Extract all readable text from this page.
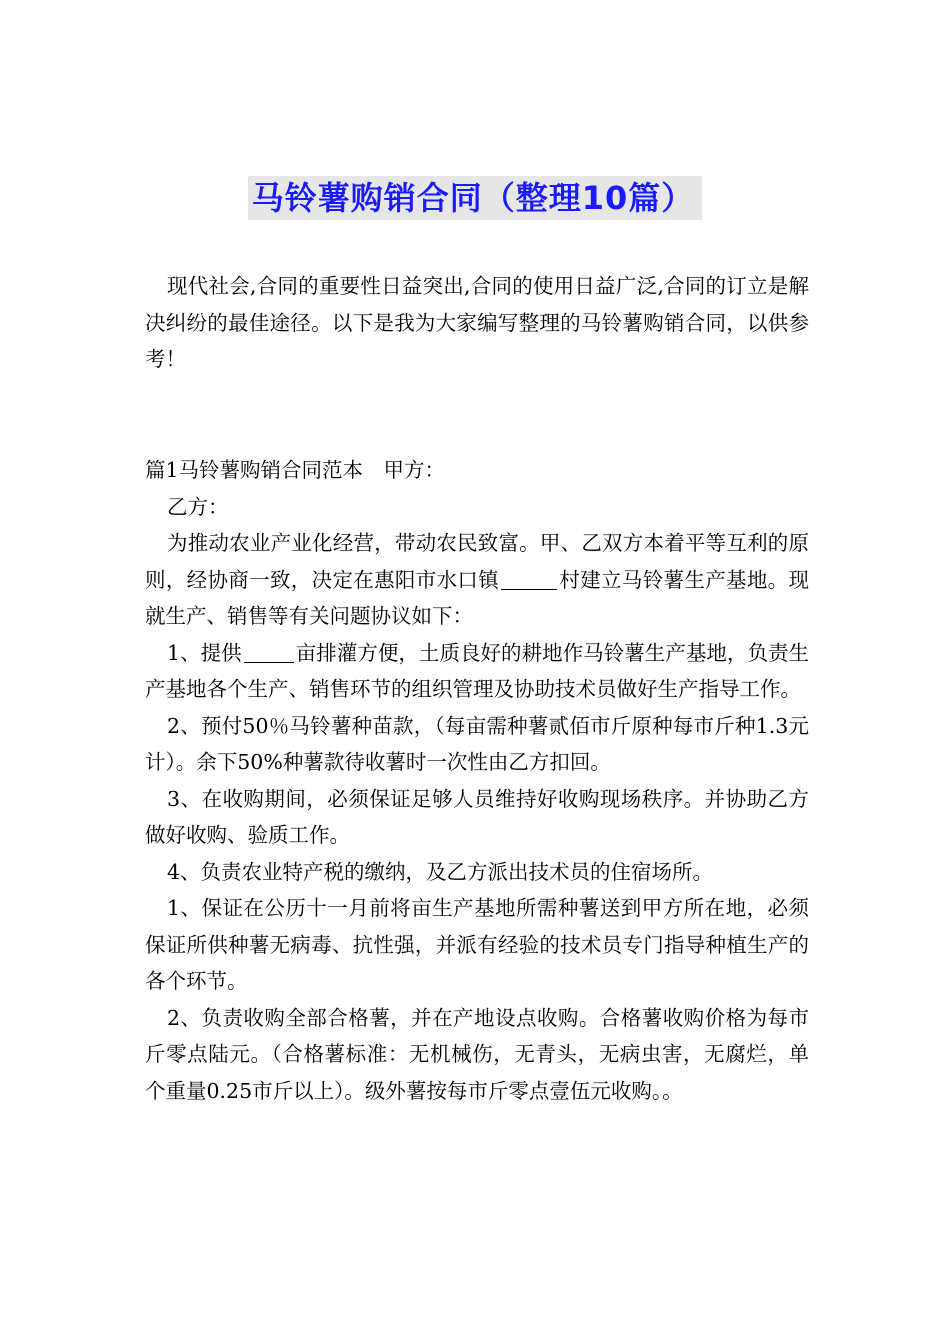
马铃薯购销合同（整理10篇）

现代社会,合同的重要性日益突出,合同的使用日益广泛,合同的订立是解决纠纷的最佳途径。以下是我为大家编写整理的马铃薯购销合同，以供参考！

篇1马铃薯购销合同范本　甲方：

乙方：

为推动农业产业化经营，带动农民致富。甲、乙双方本着平等互利的原则，经协商一致，决定在惠阳市水口镇	村建立马铃薯生产基地。现就生产、销售等有关问题协议如下：

1、提供	亩排灌方便，土质良好的耕地作马铃薯生产基地，负责生产基地各个生产、销售环节的组织管理及协助技术员做好生产指导工作。

2、预付50％马铃薯种苗款，（每亩需种薯贰佰市斤原种每市斤种1.3元计）。余下50%种薯款待收薯时一次性由乙方扣回。

3、在收购期间，必须保证足够人员维持好收购现场秩序。并协助乙方做好收购、验质工作。

4、负责农业特产税的缴纳，及乙方派出技术员的住宿场所。

1、保证在公历十一月前将亩生产基地所需种薯送到甲方所在地，必须保证所供种薯无病毒、抗性强，并派有经验的技术员专门指导种植生产的各个环节。

2、负责收购全部合格薯，并在产地设点收购。合格薯收购价格为每市斤零点陆元。（合格薯标准：无机械伤，无青头，无病虫害，无腐烂，单个重量0.25市斤以上）。级外薯按每市斤零点壹伍元收购。。
